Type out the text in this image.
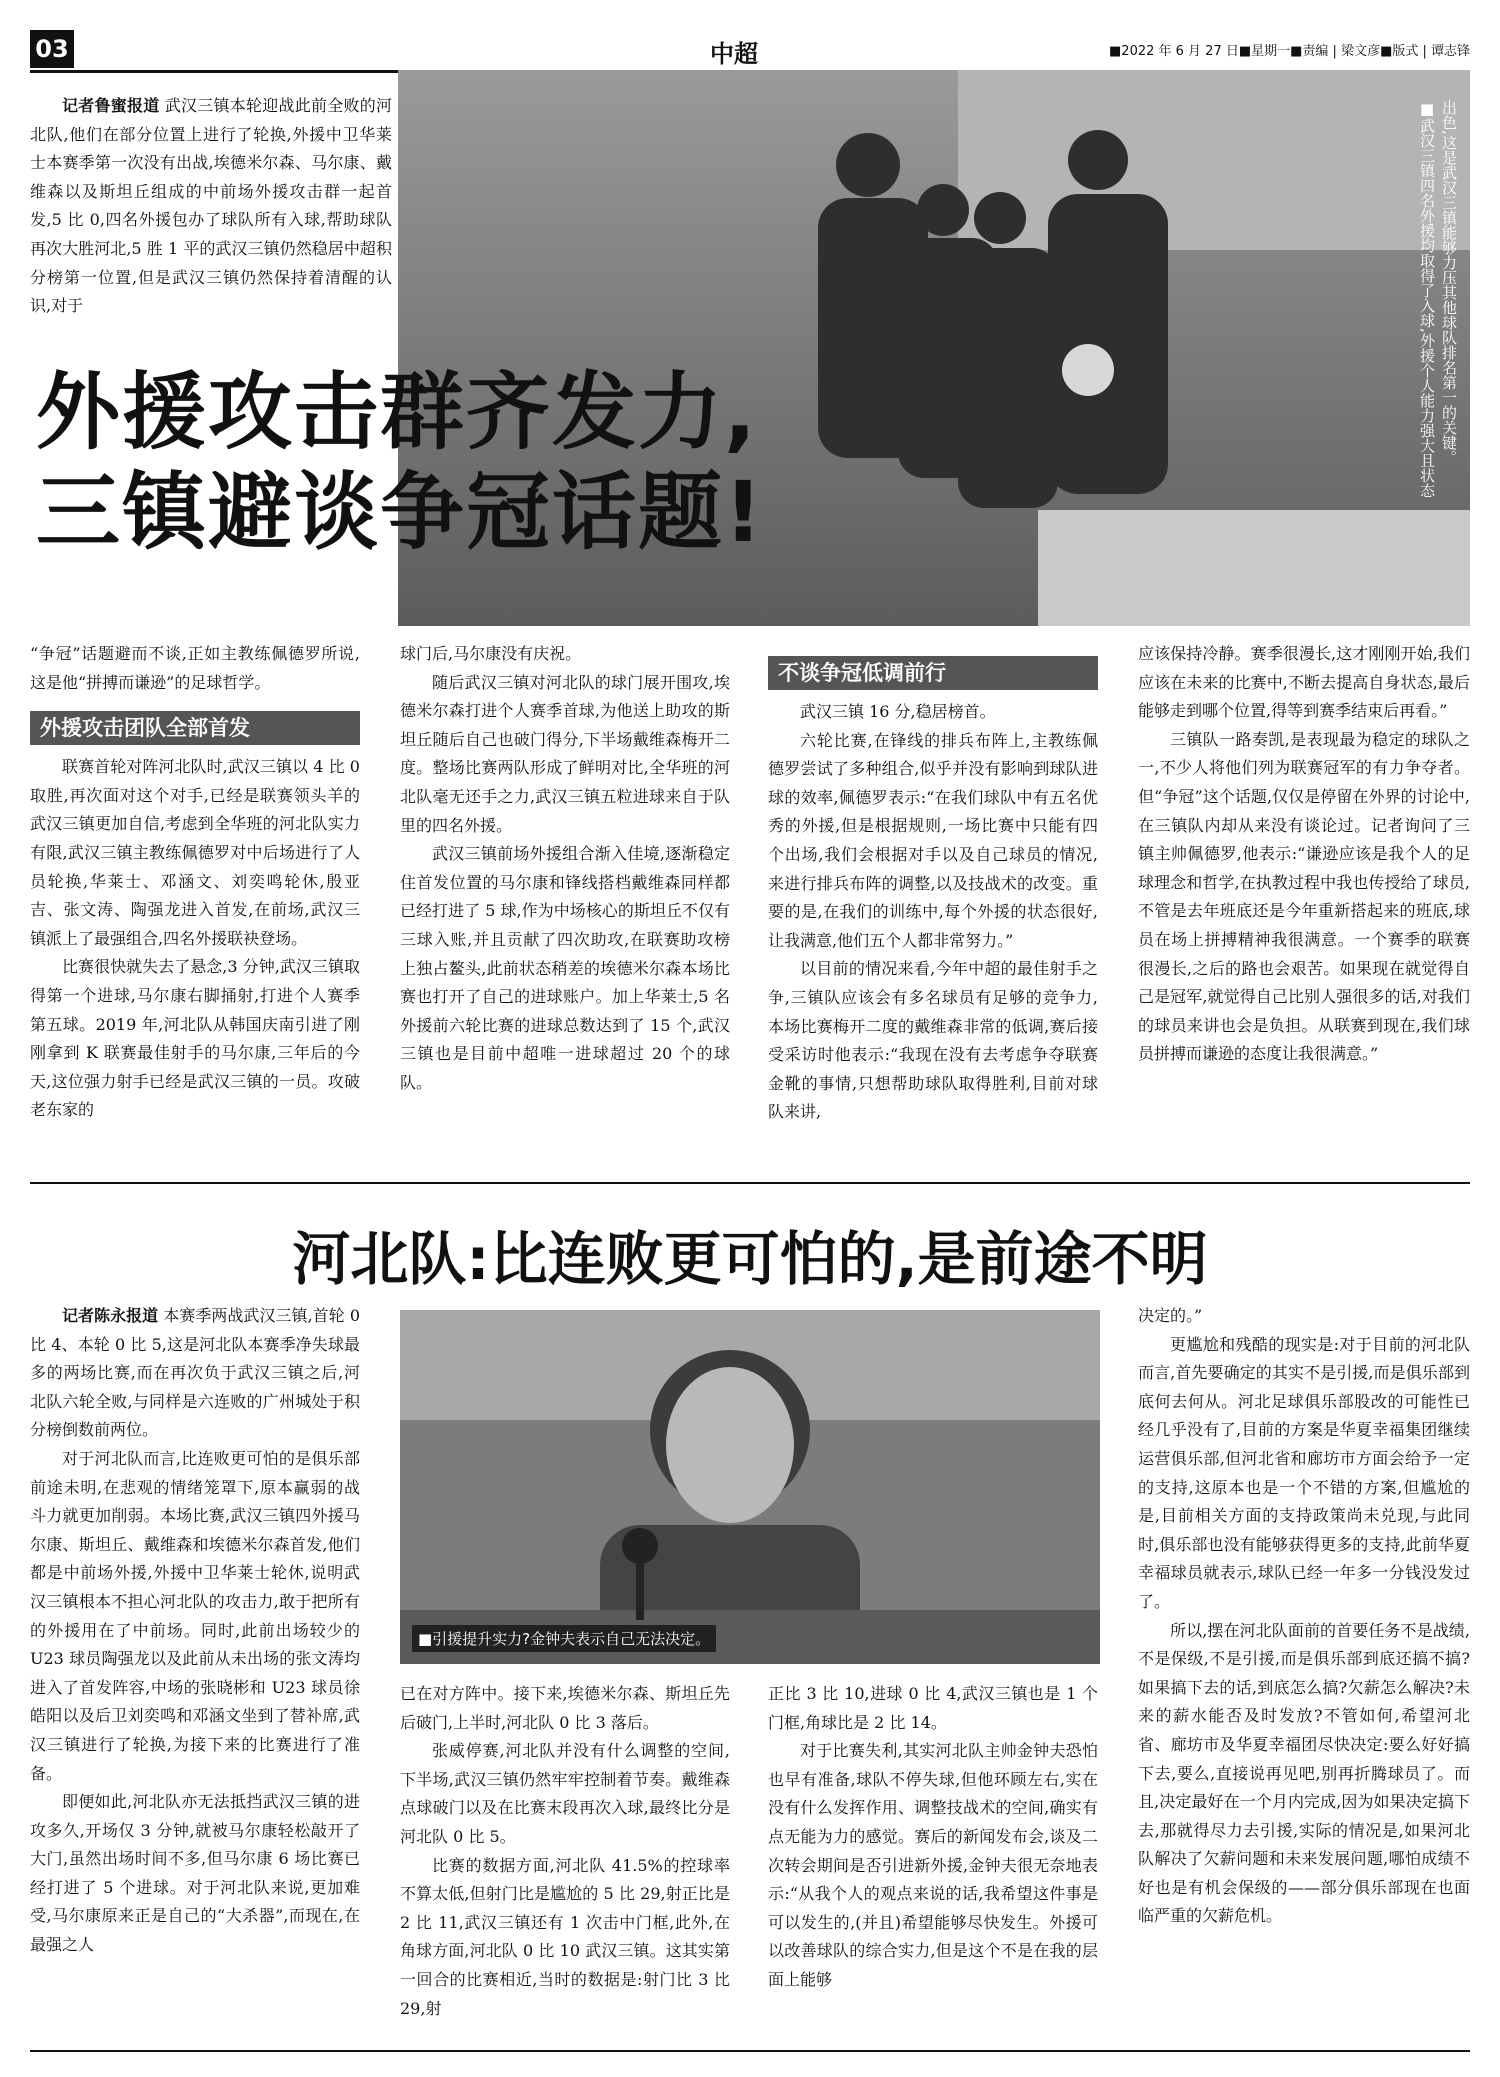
03	中超	■2022 年 6 月 27 日■星期一■责编 | 梁文彦■版式 | 谭志锋

记者鲁蜜报道 武汉三镇本轮迎战此前全败的河北队,他们在部分位置上进行了轮换,外援中卫华莱士本赛季第一次没有出战,埃德米尔森、马尔康、戴维森以及斯坦丘组成的中前场外援攻击群一起首发,5 比 0,四名外援包办了球队所有入球,帮助球队再次大胜河北,5 胜 1 平的武汉三镇仍然稳居中超积分榜第一位置,但是武汉三镇仍然保持着清醒的认识,对于	出色,这是武汉三镇能够力压其他球队排名第一的关键。
■武汉三镇四名外援均取得了入球,外援个人能力强大且状态
外援攻击群齐发力,
三镇避谈争冠话题!

“争冠”话题避而不谈,正如主教练佩德罗所说,这是他“拼搏而谦逊”的足球哲学。

外援攻击团队全部首发

联赛首轮对阵河北队时,武汉三镇以 4 比 0 取胜,再次面对这个对手,已经是联赛领头羊的武汉三镇更加自信,考虑到全华班的河北队实力有限,武汉三镇主教练佩德罗对中后场进行了人员轮换,华莱士、邓涵文、刘奕鸣轮休,殷亚吉、张文涛、陶强龙进入首发,在前场,武汉三镇派上了最强组合,四名外援联袂登场。

比赛很快就失去了悬念,3 分钟,武汉三镇取得第一个进球,马尔康右脚捅射,打进个人赛季第五球。2019 年,河北队从韩国庆南引进了刚刚拿到 K 联赛最佳射手的马尔康,三年后的今天,这位强力射手已经是武汉三镇的一员。攻破老东家的

球门后,马尔康没有庆祝。

随后武汉三镇对河北队的球门展开围攻,埃德米尔森打进个人赛季首球,为他送上助攻的斯坦丘随后自己也破门得分,下半场戴维森梅开二度。整场比赛两队形成了鲜明对比,全华班的河北队毫无还手之力,武汉三镇五粒进球来自于队里的四名外援。

武汉三镇前场外援组合渐入佳境,逐渐稳定住首发位置的马尔康和锋线搭档戴维森同样都已经打进了 5 球,作为中场核心的斯坦丘不仅有三球入账,并且贡献了四次助攻,在联赛助攻榜上独占鳌头,此前状态稍差的埃德米尔森本场比赛也打开了自己的进球账户。加上华莱士,5 名外援前六轮比赛的进球总数达到了 15 个,武汉三镇也是目前中超唯一进球超过 20 个的球队。

不谈争冠低调前行

武汉三镇 16 分,稳居榜首。

六轮比赛,在锋线的排兵布阵上,主教练佩德罗尝试了多种组合,似乎并没有影响到球队进球的效率,佩德罗表示:“在我们球队中有五名优秀的外援,但是根据规则,一场比赛中只能有四个出场,我们会根据对手以及自己球员的情况,来进行排兵布阵的调整,以及技战术的改变。重要的是,在我们的训练中,每个外援的状态很好,让我满意,他们五个人都非常努力。”

以目前的情况来看,今年中超的最佳射手之争,三镇队应该会有多名球员有足够的竞争力,本场比赛梅开二度的戴维森非常的低调,赛后接受采访时他表示:“我现在没有去考虑争夺联赛金靴的事情,只想帮助球队取得胜利,目前对球队来讲,

应该保持冷静。赛季很漫长,这才刚刚开始,我们应该在未来的比赛中,不断去提高自身状态,最后能够走到哪个位置,得等到赛季结束后再看。”

三镇队一路奏凯,是表现最为稳定的球队之一,不少人将他们列为联赛冠军的有力争夺者。但“争冠”这个话题,仅仅是停留在外界的讨论中,在三镇队内却从来没有谈论过。记者询问了三镇主帅佩德罗,他表示:“谦逊应该是我个人的足球理念和哲学,在执教过程中我也传授给了球员,不管是去年班底还是今年重新搭起来的班底,球员在场上拼搏精神我很满意。一个赛季的联赛很漫长,之后的路也会艰苦。如果现在就觉得自己是冠军,就觉得自己比别人强很多的话,对我们的球员来讲也会是负担。从联赛到现在,我们球员拼搏而谦逊的态度让我很满意。”

河北队:比连败更可怕的,是前途不明

记者陈永报道 本赛季两战武汉三镇,首轮 0 比 4、本轮 0 比 5,这是河北队本赛季净失球最多的两场比赛,而在再次负于武汉三镇之后,河北队六轮全败,与同样是六连败的广州城处于积分榜倒数前两位。

对于河北队而言,比连败更可怕的是俱乐部前途未明,在悲观的情绪笼罩下,原本赢弱的战斗力就更加削弱。本场比赛,武汉三镇四外援马尔康、斯坦丘、戴维森和埃德米尔森首发,他们都是中前场外援,外援中卫华莱士轮休,说明武汉三镇根本不担心河北队的攻击力,敢于把所有的外援用在了中前场。同时,此前出场较少的 U23 球员陶强龙以及此前从未出场的张文涛均进入了首发阵容,中场的张晓彬和 U23 球员徐皓阳以及后卫刘奕鸣和邓涵文坐到了替补席,武汉三镇进行了轮换,为接下来的比赛进行了准备。

即便如此,河北队亦无法抵挡武汉三镇的进攻多久,开场仅 3 分钟,就被马尔康轻松敲开了大门,虽然出场时间不多,但马尔康 6 场比赛已经打进了 5 个进球。对于河北队来说,更加难受,马尔康原来正是自己的“大杀器”,而现在,在最强之人

■引援提升实力?金钟夫表示自己无法决定。

已在对方阵中。接下来,埃德米尔森、斯坦丘先后破门,上半时,河北队 0 比 3 落后。

张威停赛,河北队并没有什么调整的空间,下半场,武汉三镇仍然牢牢控制着节奏。戴维森点球破门以及在比赛末段再次入球,最终比分是河北队 0 比 5。

比赛的数据方面,河北队 41.5%的控球率不算太低,但射门比是尴尬的 5 比 29,射正比是 2 比 11,武汉三镇还有 1 次击中门框,此外,在角球方面,河北队 0 比 10 武汉三镇。这其实第一回合的比赛相近,当时的数据是:射门比 3 比 29,射

正比 3 比 10,进球 0 比 4,武汉三镇也是 1 个门框,角球比是 2 比 14。

对于比赛失利,其实河北队主帅金钟夫恐怕也早有准备,球队不停失球,但他环顾左右,实在没有什么发挥作用、调整技战术的空间,确实有点无能为力的感觉。赛后的新闻发布会,谈及二次转会期间是否引进新外援,金钟夫很无奈地表示:“从我个人的观点来说的话,我希望这件事是可以发生的,(并且)希望能够尽快发生。外援可以改善球队的综合实力,但是这个不是在我的层面上能够

决定的。”

更尴尬和残酷的现实是:对于目前的河北队而言,首先要确定的其实不是引援,而是俱乐部到底何去何从。河北足球俱乐部股改的可能性已经几乎没有了,目前的方案是华夏幸福集团继续运营俱乐部,但河北省和廊坊市方面会给予一定的支持,这原本也是一个不错的方案,但尴尬的是,目前相关方面的支持政策尚未兑现,与此同时,俱乐部也没有能够获得更多的支持,此前华夏幸福球员就表示,球队已经一年多一分钱没发过了。

所以,摆在河北队面前的首要任务不是战绩,不是保级,不是引援,而是俱乐部到底还搞不搞?如果搞下去的话,到底怎么搞?欠薪怎么解决?未来的薪水能否及时发放?不管如何,希望河北省、廊坊市及华夏幸福团尽快决定:要么好好搞下去,要么,直接说再见吧,别再折腾球员了。而且,决定最好在一个月内完成,因为如果决定搞下去,那就得尽力去引援,实际的情况是,如果河北队解决了欠薪问题和未来发展问题,哪怕成绩不好也是有机会保级的——部分俱乐部现在也面临严重的欠薪危机。
